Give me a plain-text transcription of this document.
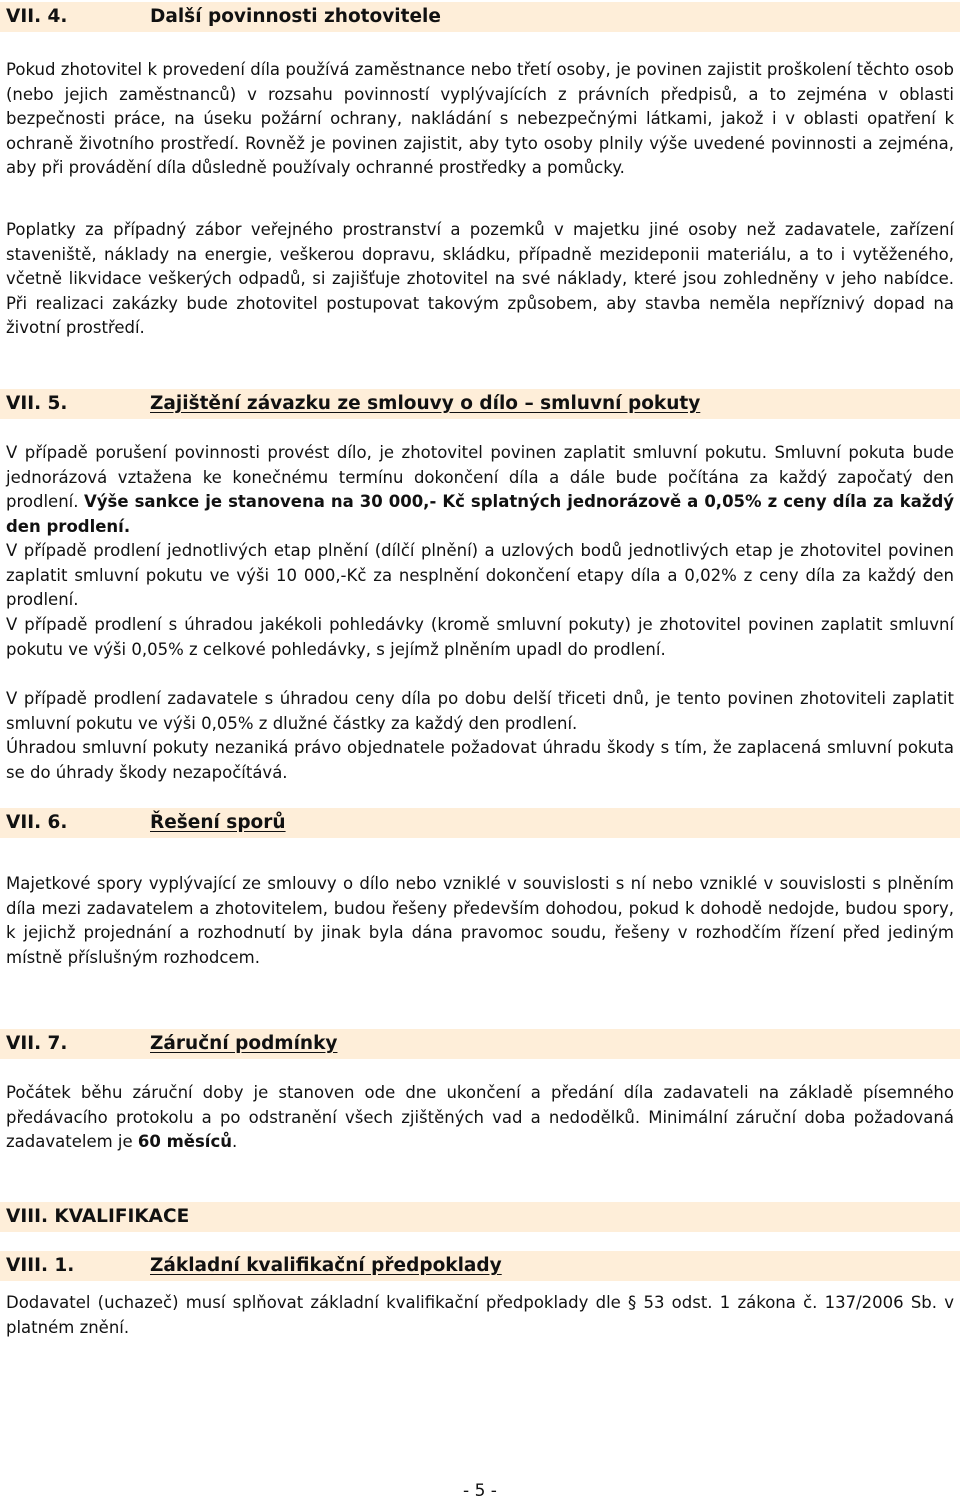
VII. 4.	Další povinnosti zhotovitele

Pokud zhotovitel k provedení díla používá zaměstnance nebo třetí osoby, je povinen zajistit proškolení těchto osob (nebo jejich zaměstnanců) v rozsahu povinností vyplývajících z právních předpisů, a to zejména v oblasti bezpečnosti práce, na úseku požární ochrany, nakládání s nebezpečnými látkami, jakož i v oblasti opatření k ochraně životního prostředí. Rovněž je povinen zajistit, aby tyto osoby plnily výše uvedené povinnosti a zejména, aby při provádění díla důsledně používaly ochranné prostředky a pomůcky.

Poplatky za případný zábor veřejného prostranství a pozemků v majetku jiné osoby než zadavatele, zařízení staveniště, náklady na energie, veškerou dopravu, skládku, případně mezideponii materiálu, a to i vytěženého, včetně likvidace veškerých odpadů, si zajišťuje zhotovitel na své náklady, které jsou zohledněny v jeho nabídce. Při realizaci zakázky bude zhotovitel postupovat takovým způsobem, aby stavba neměla nepříznivý dopad na životní prostředí.

VII. 5.	Zajištění závazku ze smlouvy o dílo – smluvní pokuty

V případě porušení povinnosti provést dílo, je zhotovitel povinen zaplatit smluvní pokutu. Smluvní pokuta bude jednorázová vztažena ke konečnému termínu dokončení díla a dále bude počítána za každý započatý den prodlení. Výše sankce je stanovena na 30 000,- Kč splatných jednorázově a 0,05% z ceny díla za každý den prodlení.

V případě prodlení jednotlivých etap plnění (dílčí plnění) a uzlových bodů jednotlivých etap je zhotovitel povinen zaplatit smluvní pokutu ve výši 10 000,-Kč za nesplnění dokončení etapy díla a 0,02% z ceny díla za každý den prodlení.

V případě prodlení s úhradou jakékoli pohledávky (kromě smluvní pokuty) je zhotovitel povinen zaplatit smluvní pokutu ve výši 0,05% z celkové pohledávky, s jejímž plněním upadl do prodlení.

V případě prodlení zadavatele s úhradou ceny díla po dobu delší třiceti dnů, je tento povinen zhotoviteli zaplatit smluvní pokutu ve výši 0,05% z dlužné částky za každý den prodlení.

Úhradou smluvní pokuty nezaniká právo objednatele požadovat úhradu škody s tím, že zaplacená smluvní pokuta se do úhrady škody nezapočítává.

VII. 6.	Řešení sporů

Majetkové spory vyplývající ze smlouvy o dílo nebo vzniklé v souvislosti s ní nebo vzniklé v souvislosti s plněním díla mezi zadavatelem a zhotovitelem, budou řešeny především dohodou, pokud k dohodě nedojde, budou spory, k jejichž projednání a rozhodnutí by jinak byla dána pravomoc soudu, řešeny v rozhodčím řízení před jediným místně příslušným rozhodcem.

VII. 7.	Záruční podmínky

Počátek běhu záruční doby je stanoven ode dne ukončení a předání díla zadavateli na základě písemného předávacího protokolu a po odstranění všech zjištěných vad a nedodělků. Minimální záruční doba požadovaná zadavatelem je 60 měsíců.

VIII. KVALIFIKACE
VIII. 1.	Základní kvalifikační předpoklady

Dodavatel (uchazeč) musí splňovat základní kvalifikační předpoklady dle § 53 odst. 1 zákona č. 137/2006 Sb. v platném znění.

- 5 -
